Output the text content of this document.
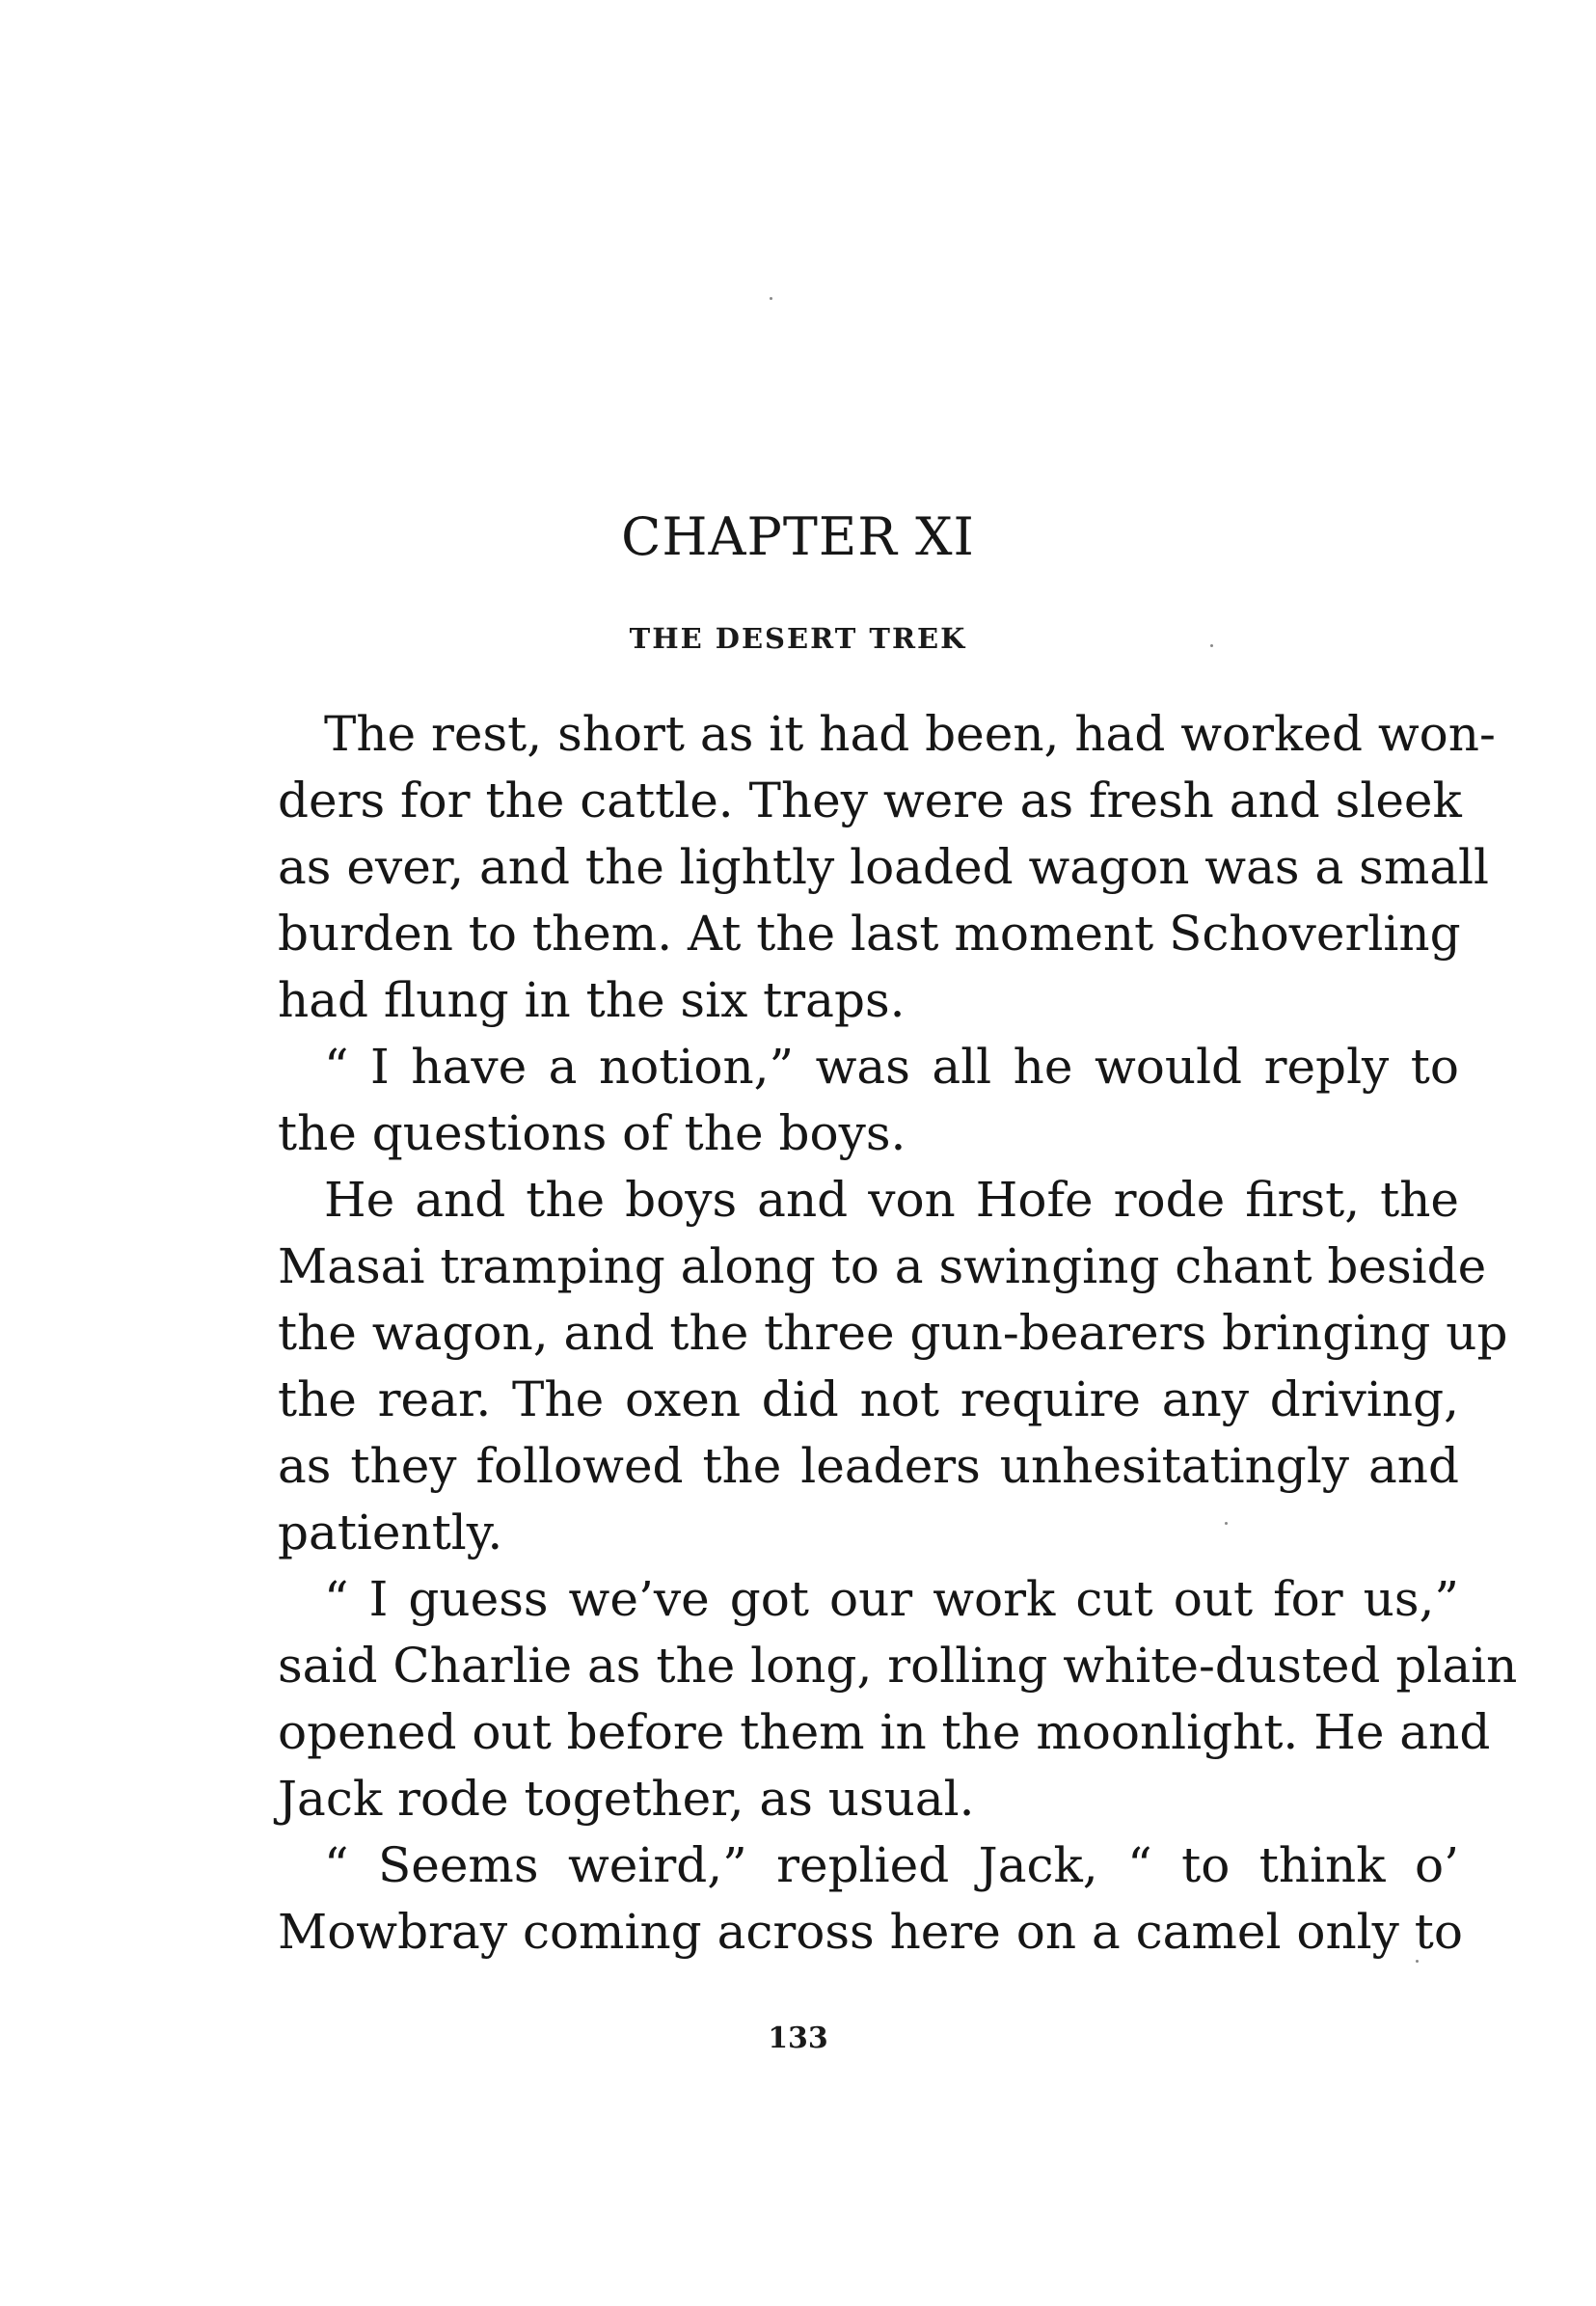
CHAPTER XI
THE DESERT TREK
The rest, short as it had been, had worked won-
ders for the cattle. They were as fresh and sleek
as ever, and the lightly loaded wagon was a small
burden to them. At the last moment Schoverling
had flung in the six traps.
“ I have a notion,” was all he would reply to
the questions of the boys.
He and the boys and von Hofe rode first, the
Masai tramping along to a swinging chant beside
the wagon, and the three gun-bearers bringing up
the rear. The oxen did not require any driving,
as they followed the leaders unhesitatingly and
patiently.
“ I guess we’ve got our work cut out for us,”
said Charlie as the long, rolling white-dusted plain
opened out before them in the moonlight. He and
Jack rode together, as usual.
“ Seems weird,” replied Jack, “ to think o’
Mowbray coming across here on a camel only to
133
